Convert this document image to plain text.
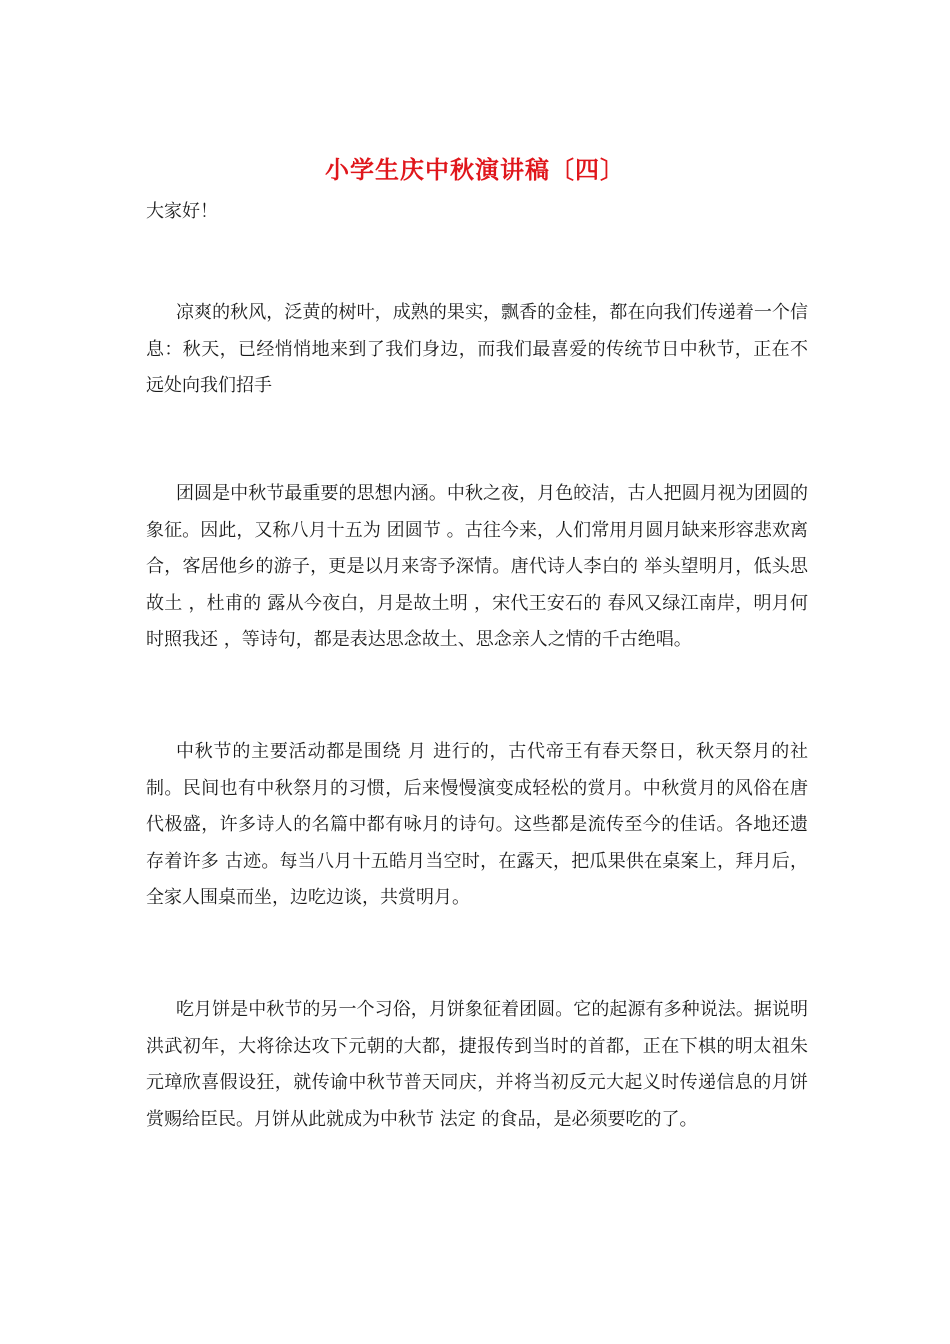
小学生庆中秋演讲稿〔四〕
大家好！

凉爽的秋风，泛黄的树叶，成熟的果实，飘香的金桂，都在向我们传递着一个信息：秋天，已经悄悄地来到了我们身边，而我们最喜爱的传统节日中秋节，正在不远处向我们招手

团圆是中秋节最重要的思想内涵。中秋之夜，月色皎洁，古人把圆月视为团圆的象征。因此，又称八月十五为 团圆节 。古往今来，人们常用月圆月缺来形容悲欢离合，客居他乡的游子，更是以月来寄予深情。唐代诗人李白的 举头望明月，低头思故土 ，杜甫的 露从今夜白，月是故土明 ，宋代王安石的 春风又绿江南岸，明月何时照我还 ，等诗句，都是表达思念故土、思念亲人之情的千古绝唱。

中秋节的主要活动都是围绕 月 进行的，古代帝王有春天祭日，秋天祭月的社制。民间也有中秋祭月的习惯，后来慢慢演变成轻松的赏月。中秋赏月的风俗在唐代极盛，许多诗人的名篇中都有咏月的诗句。这些都是流传至今的佳话。各地还遗存着许多 古迹。每当八月十五皓月当空时，在露天，把瓜果供在桌案上，拜月后，全家人围桌而坐，边吃边谈，共赏明月。

吃月饼是中秋节的另一个习俗，月饼象征着团圆。它的起源有多种说法。据说明洪武初年，大将徐达攻下元朝的大都，捷报传到当时的首都，正在下棋的明太祖朱元璋欣喜假设狂，就传谕中秋节普天同庆，并将当初反元大起义时传递信息的月饼赏赐给臣民。月饼从此就成为中秋节 法定 的食品，是必须要吃的了。
